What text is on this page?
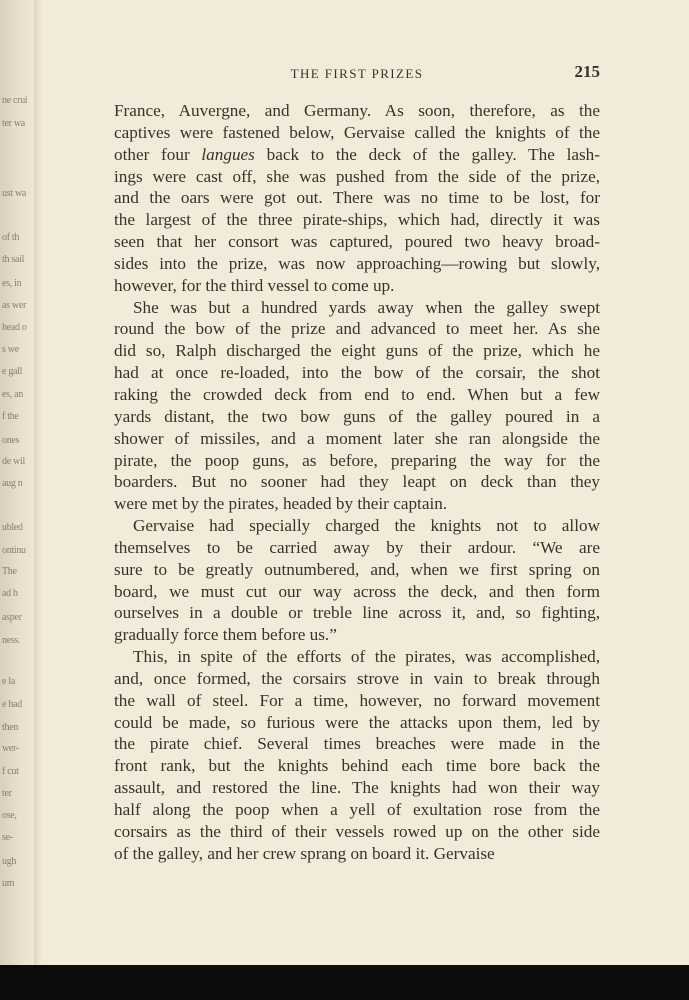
ne crui
ter wa
ust wa
of th
th sail
es, in
as wer
head o
s we
e gall
es, an
f the
ones
de wil
aug n
ubled
ontinu
The
ad h
asper
ness.
e la
e had
then
wer-
f cut
ter
ose,
se-
ugh
um
THE FIRST PRIZES	215
France, Auvergne, and Germany. As soon, therefore, as the
captives were fastened below, Gervaise called the knights of the
other four langues back to the deck of the galley. The lash-
ings were cast off, she was pushed from the side of the prize,
and the oars were got out. There was no time to be lost, for
the largest of the three pirate-ships, which had, directly it was
seen that her consort was captured, poured two heavy broad-
sides into the prize, was now approaching—rowing but slowly,
however, for the third vessel to come up.
She was but a hundred yards away when the galley swept
round the bow of the prize and advanced to meet her. As she
did so, Ralph discharged the eight guns of the prize, which he
had at once re-loaded, into the bow of the corsair, the shot
raking the crowded deck from end to end. When but a few
yards distant, the two bow guns of the galley poured in a
shower of missiles, and a moment later she ran alongside the
pirate, the poop guns, as before, preparing the way for the
boarders. But no sooner had they leapt on deck than they
were met by the pirates, headed by their captain.
Gervaise had specially charged the knights not to allow
themselves to be carried away by their ardour. “We are
sure to be greatly outnumbered, and, when we first spring on
board, we must cut our way across the deck, and then form
ourselves in a double or treble line across it, and, so fighting,
gradually force them before us.”
This, in spite of the efforts of the pirates, was accomplished,
and, once formed, the corsairs strove in vain to break through
the wall of steel. For a time, however, no forward movement
could be made, so furious were the attacks upon them, led by
the pirate chief. Several times breaches were made in the
front rank, but the knights behind each time bore back the
assault, and restored the line. The knights had won their way
half along the poop when a yell of exultation rose from the
corsairs as the third of their vessels rowed up on the other side
of the galley, and her crew sprang on board it. Gervaise
